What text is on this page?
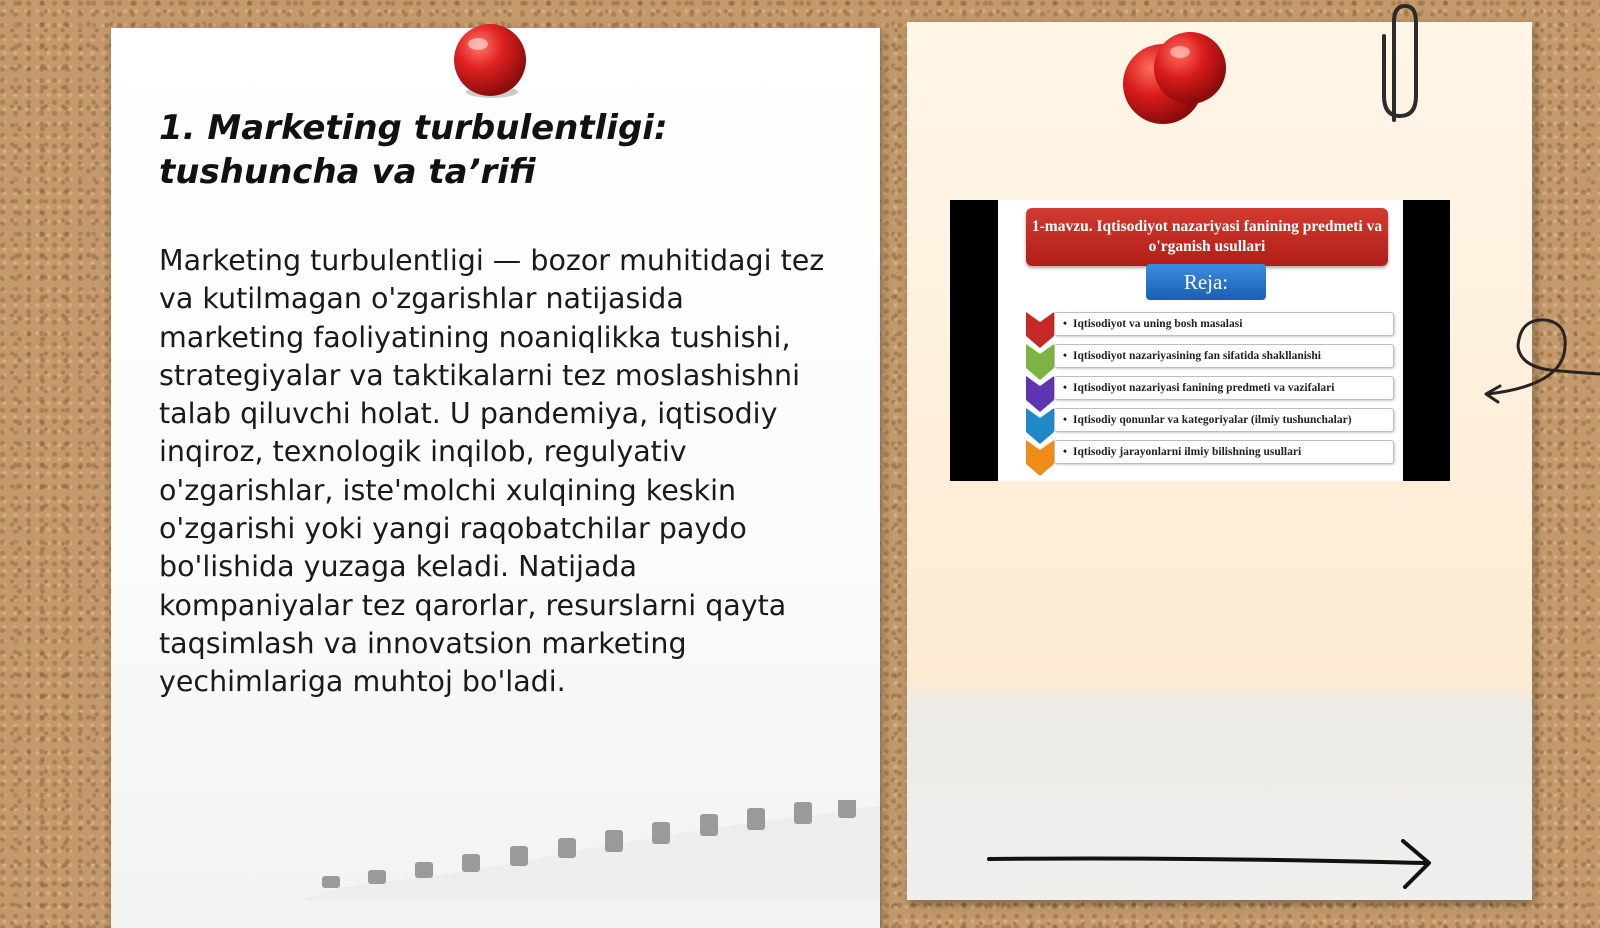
1. Marketing turbulentligi: tushuncha va ta’rifi

Marketing turbulentligi — bozor muhitidagi tez va kutilmagan o'zgarishlar natijasida marketing faoliyatining noaniqlikka tushishi, strategiyalar va taktikalarni tez moslashishni talab qiluvchi holat. U pandemiya, iqtisodiy inqiroz, texnologik inqilob, regulyativ o'zgarishlar, iste'molchi xulqining keskin o'zgarishi yoki yangi raqobatchilar paydo bo'lishida yuzaga keladi. Natijada kompaniyalar tez qarorlar, resurslarni qayta taqsimlash va innovatsion marketing yechimlariga muhtoj bo'ladi.

1-mavzu. Iqtisodiyot nazariyasi fanining predmeti va o'rganish usullari
Reja:
• Iqtisodiyot va uning bosh masalasi
• Iqtisodiyot nazariyasining fan sifatida shakllanishi
• Iqtisodiyot nazariyasi fanining predmeti va vazifalari
• Iqtisodiy qonunlar va kategoriyalar (ilmiy tushunchalar)
• Iqtisodiy jarayonlarni ilmiy bilishning usullari
